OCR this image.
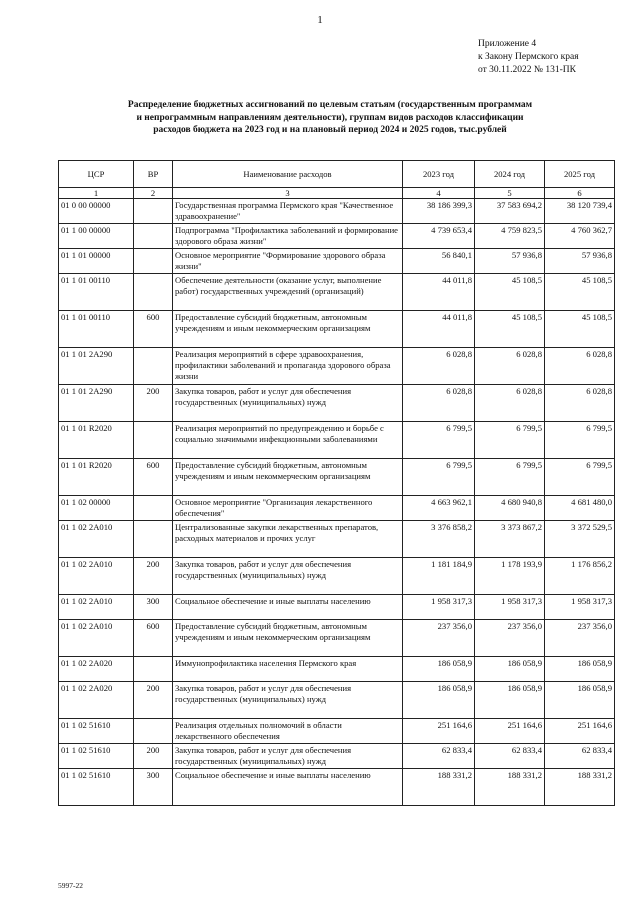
1
Приложение 4
к Закону Пермского края
от 30.11.2022 № 131-ПК
Распределение бюджетных ассигнований по целевым статьям (государственным программам
и непрограммным направлениям деятельности), группам видов расходов классификации
расходов бюджета на 2023 год и на плановый период 2024 и 2025 годов, тыс.рублей
ЦСР	ВР	Наименование расходов	2023 год	2024 год	2025 год
1	2	3	4	5	6
01 0 00 00000		Государственная программа Пермского края "Качественное здравоохранение"	38 186 399,3	37 583 694,2	38 120 739,4
01 1 00 00000		Подпрограмма "Профилактика заболеваний и формирование здорового образа жизни"	4 739 653,4	4 759 823,5	4 760 362,7
01 1 01 00000		Основное мероприятие "Формирование здорового образа жизни"	56 840,1	57 936,8	57 936,8
01 1 01 00110		Обеспечение деятельности (оказание услуг, выполнение работ) государственных учреждений (организаций)	44 011,8	45 108,5	45 108,5
01 1 01 00110	600	Предоставление субсидий бюджетным, автономным учреждениям и иным некоммерческим организациям	44 011,8	45 108,5	45 108,5
01 1 01 2А290		Реализация мероприятий в сфере здравоохранения, профилактики заболеваний и пропаганда здорового образа жизни	6 028,8	6 028,8	6 028,8
01 1 01 2А290	200	Закупка товаров, работ и услуг для обеспечения государственных (муниципальных) нужд	6 028,8	6 028,8	6 028,8
01 1 01 R2020		Реализация мероприятий по предупреждению и борьбе с социально значимыми инфекционными заболеваниями	6 799,5	6 799,5	6 799,5
01 1 01 R2020	600	Предоставление субсидий бюджетным, автономным учреждениям и иным некоммерческим организациям	6 799,5	6 799,5	6 799,5
01 1 02 00000		Основное мероприятие "Организация лекарственного обеспечения"	4 663 962,1	4 680 940,8	4 681 480,0
01 1 02 2А010		Централизованные закупки лекарственных препаратов, расходных материалов и прочих услуг	3 376 858,2	3 373 867,2	3 372 529,5
01 1 02 2А010	200	Закупка товаров, работ и услуг для обеспечения государственных (муниципальных) нужд	1 181 184,9	1 178 193,9	1 176 856,2
01 1 02 2А010	300	Социальное обеспечение и иные выплаты населению	1 958 317,3	1 958 317,3	1 958 317,3
01 1 02 2А010	600	Предоставление субсидий бюджетным, автономным учреждениям и иным некоммерческим организациям	237 356,0	237 356,0	237 356,0
01 1 02 2А020		Иммунопрофилактика населения Пермского края	186 058,9	186 058,9	186 058,9
01 1 02 2А020	200	Закупка товаров, работ и услуг для обеспечения государственных (муниципальных) нужд	186 058,9	186 058,9	186 058,9
01 1 02 51610		Реализация отдельных полномочий в области лекарственного обеспечения	251 164,6	251 164,6	251 164,6
01 1 02 51610	200	Закупка товаров, работ и услуг для обеспечения государственных (муниципальных) нужд	62 833,4	62 833,4	62 833,4
01 1 02 51610	300	Социальное обеспечение и иные выплаты населению	188 331,2	188 331,2	188 331,2
5997-22
